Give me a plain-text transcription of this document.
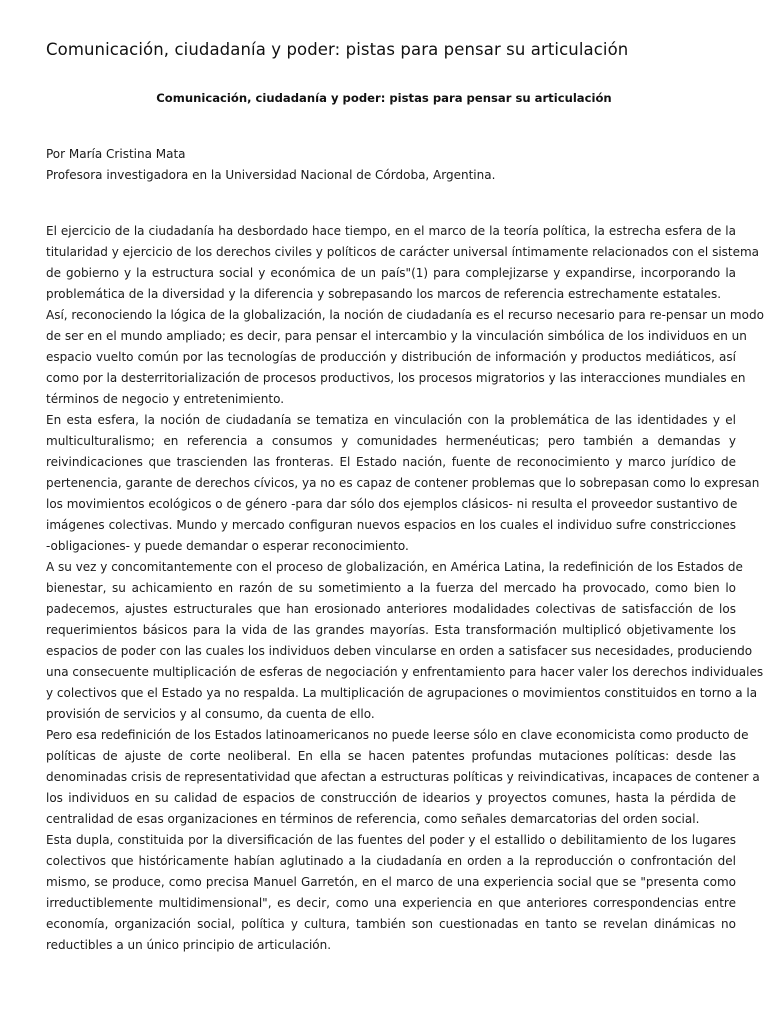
Comunicación, ciudadanía y poder: pistas para pensar su articulación
Comunicación, ciudadanía y poder: pistas para pensar su articulación
Por María Cristina Mata
Profesora investigadora en la Universidad Nacional de Córdoba, Argentina.
El ejercicio de la ciudadanía ha desbordado hace tiempo, en el marco de la teoría política, la estrecha esfera de la
titularidad y ejercicio de los derechos civiles y políticos de carácter universal íntimamente relacionados con el sistema
de gobierno y la estructura social y económica de un país"(1) para complejizarse y expandirse, incorporando la
problemática de la diversidad y la diferencia y sobrepasando los marcos de referencia estrechamente estatales.
Así, reconociendo la lógica de la globalización, la noción de ciudadanía es el recurso necesario para re-pensar un modo
de ser en el mundo ampliado; es decir, para pensar el intercambio y la vinculación simbólica de los individuos en un
espacio vuelto común por las tecnologías de producción y distribución de información y productos mediáticos, así
como por la desterritorialización de procesos productivos, los procesos migratorios y las interacciones mundiales en
términos de negocio y entretenimiento.
En esta esfera, la noción de ciudadanía se tematiza en vinculación con la problemática de las identidades y el
multiculturalismo; en referencia a consumos y comunidades hermenéuticas; pero también a demandas y
reivindicaciones que trascienden las fronteras. El Estado nación, fuente de reconocimiento y marco jurídico de
pertenencia, garante de derechos cívicos, ya no es capaz de contener problemas que lo sobrepasan como lo expresan
los movimientos ecológicos o de género -para dar sólo dos ejemplos clásicos- ni resulta el proveedor sustantivo de
imágenes colectivas. Mundo y mercado configuran nuevos espacios en los cuales el individuo sufre constricciones
-obligaciones- y puede demandar o esperar reconocimiento.
A su vez y concomitantemente con el proceso de globalización, en América Latina, la redefinición de los Estados de
bienestar, su achicamiento en razón de su sometimiento a la fuerza del mercado ha provocado, como bien lo
padecemos, ajustes estructurales que han erosionado anteriores modalidades colectivas de satisfacción de los
requerimientos básicos para la vida de las grandes mayorías. Esta transformación multiplicó objetivamente los
espacios de poder con las cuales los individuos deben vincularse en orden a satisfacer sus necesidades, produciendo
una consecuente multiplicación de esferas de negociación y enfrentamiento para hacer valer los derechos individuales
y colectivos que el Estado ya no respalda. La multiplicación de agrupaciones o movimientos constituidos en torno a la
provisión de servicios y al consumo, da cuenta de ello.
Pero esa redefinición de los Estados latinoamericanos no puede leerse sólo en clave economicista como producto de
políticas de ajuste de corte neoliberal. En ella se hacen patentes profundas mutaciones políticas: desde las
denominadas crisis de representatividad que afectan a estructuras políticas y reivindicativas, incapaces de contener a
los individuos en su calidad de espacios de construcción de idearios y proyectos comunes, hasta la pérdida de
centralidad de esas organizaciones en términos de referencia, como señales demarcatorias del orden social.
Esta dupla, constituida por la diversificación de las fuentes del poder y el estallido o debilitamiento de los lugares
colectivos que históricamente habían aglutinado a la ciudadanía en orden a la reproducción o confrontación del
mismo, se produce, como precisa Manuel Garretón, en el marco de una experiencia social que se "presenta como
irreductiblemente multidimensional", es decir, como una experiencia en que anteriores correspondencias entre
economía, organización social, política y cultura, también son cuestionadas en tanto se revelan dinámicas no
reductibles a un único principio de articulación.
